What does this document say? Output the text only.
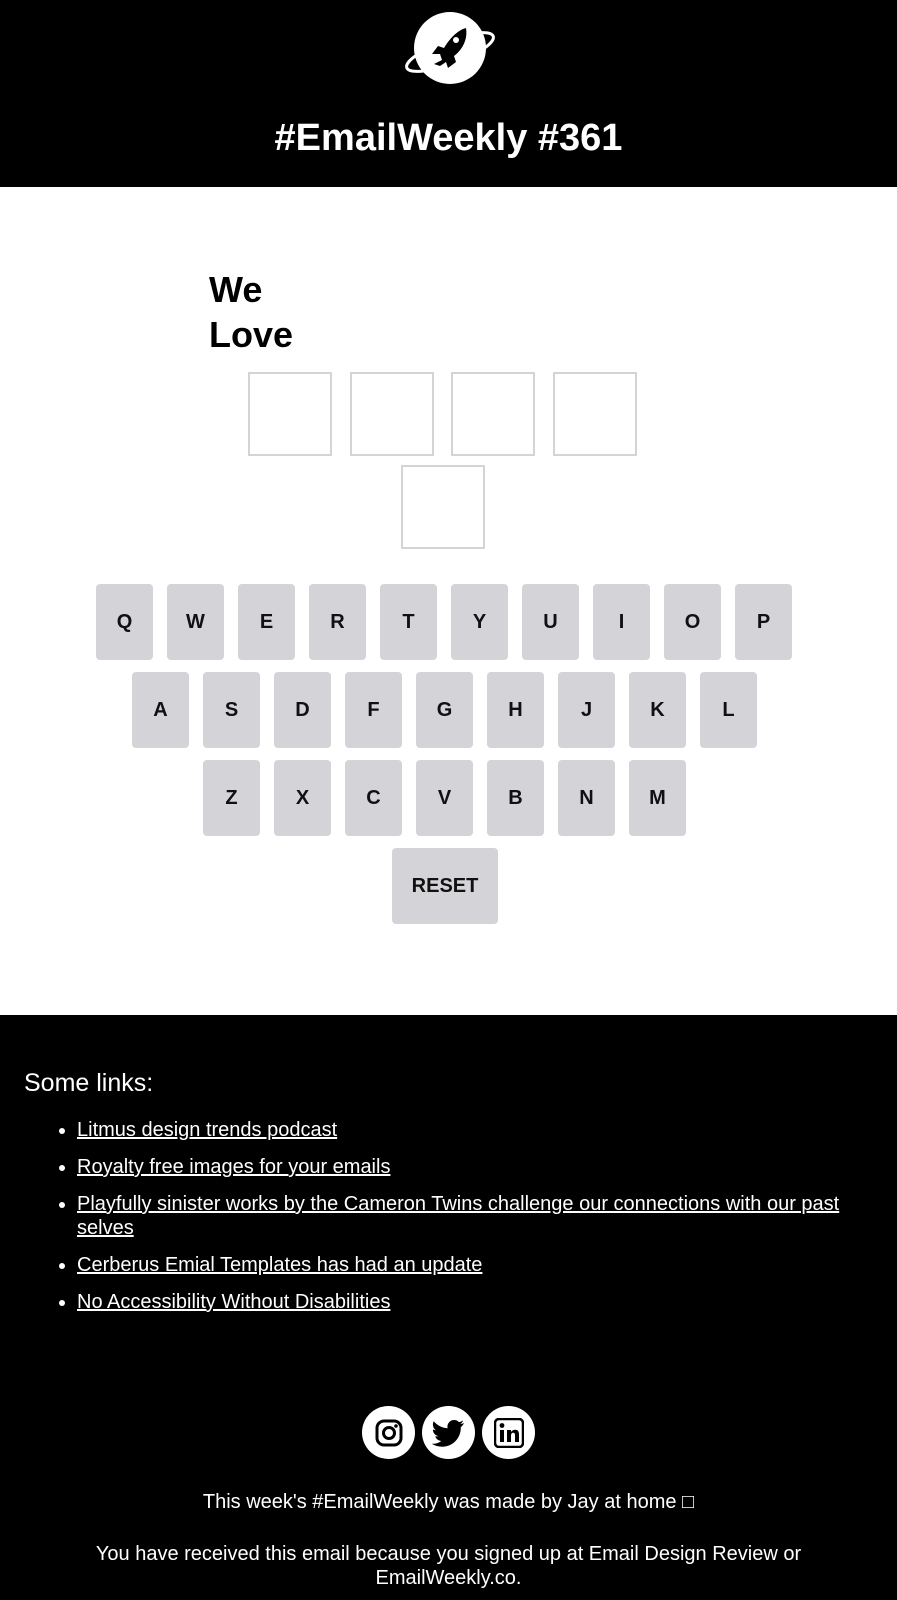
#EmailWeekly #361
We
Love
Q	W	E	R	T	Y	U	I	O	P
A	S	D	F	G	H	J	K	L
Z	X	C	V	B	N	M
RESET
Some links:
• Litmus design trends podcast
• Royalty free images for your emails
• Playfully sinister works by the Cameron Twins challenge our connections with our past selves
• Cerberus Emial Templates has had an update
• No Accessibility Without Disabilities
This week's #EmailWeekly was made by Jay at home □
You have received this email because you signed up at Email Design Review or EmailWeekly.co.
